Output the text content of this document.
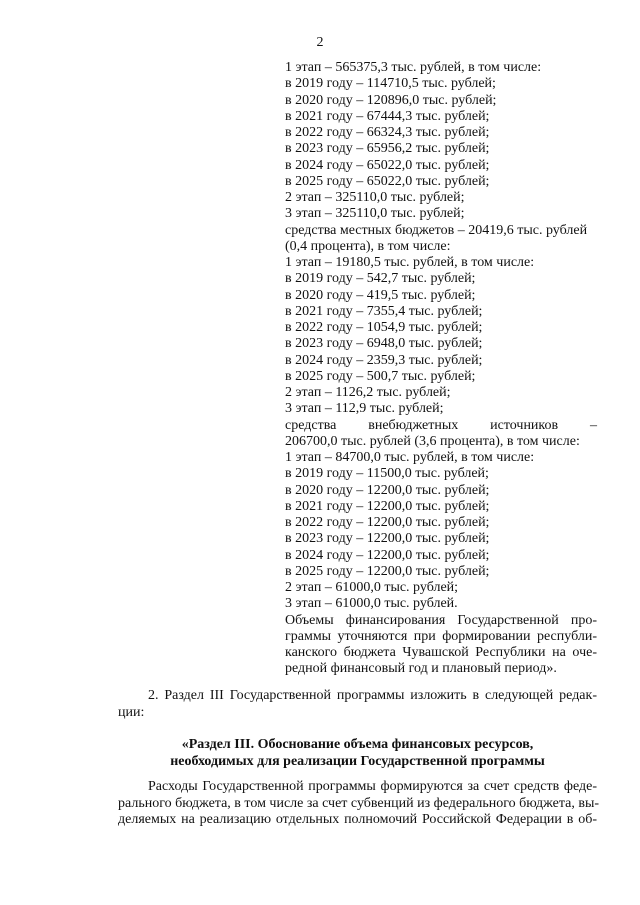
2
1 этап – 565375,3 тыс. рублей, в том числе:
в 2019 году – 114710,5 тыс. рублей;
в 2020 году – 120896,0 тыс. рублей;
в 2021 году – 67444,3 тыс. рублей;
в 2022 году – 66324,3 тыс. рублей;
в 2023 году – 65956,2 тыс. рублей;
в 2024 году – 65022,0 тыс. рублей;
в 2025 году – 65022,0 тыс. рублей;
2 этап – 325110,0 тыс. рублей;
3 этап – 325110,0 тыс. рублей;
средства местных бюджетов – 20419,6 тыс. рублей
(0,4 процента), в том числе:
1 этап – 19180,5 тыс. рублей, в том числе:
в 2019 году – 542,7 тыс. рублей;
в 2020 году – 419,5 тыс. рублей;
в 2021 году – 7355,4 тыс. рублей;
в 2022 году – 1054,9 тыс. рублей;
в 2023 году – 6948,0 тыс. рублей;
в 2024 году – 2359,3 тыс. рублей;
в 2025 году – 500,7 тыс. рублей;
2 этап – 1126,2 тыс. рублей;
3 этап – 112,9 тыс. рублей;
средства внебюджетных источников –
206700,0 тыс. рублей (3,6 процента), в том числе:
1 этап – 84700,0 тыс. рублей, в том числе:
в 2019 году – 11500,0 тыс. рублей;
в 2020 году – 12200,0 тыс. рублей;
в 2021 году – 12200,0 тыс. рублей;
в 2022 году – 12200,0 тыс. рублей;
в 2023 году – 12200,0 тыс. рублей;
в 2024 году – 12200,0 тыс. рублей;
в 2025 году – 12200,0 тыс. рублей;
2 этап – 61000,0 тыс. рублей;
3 этап – 61000,0 тыс. рублей.
Объемы финансирования Государственной про-
граммы уточняются при формировании республи-
канского бюджета Чувашской Республики на оче-
редной финансовый год и плановый период».
2. Раздел III Государственной программы изложить в следующей редак-
ции:
«Раздел III. Обоснование объема финансовых ресурсов,
необходимых для реализации Государственной программы
Расходы Государственной программы формируются за счет средств феде-
рального бюджета, в том числе за счет субвенций из федерального бюджета, вы-
деляемых на реализацию отдельных полномочий Российской Федерации в об-
